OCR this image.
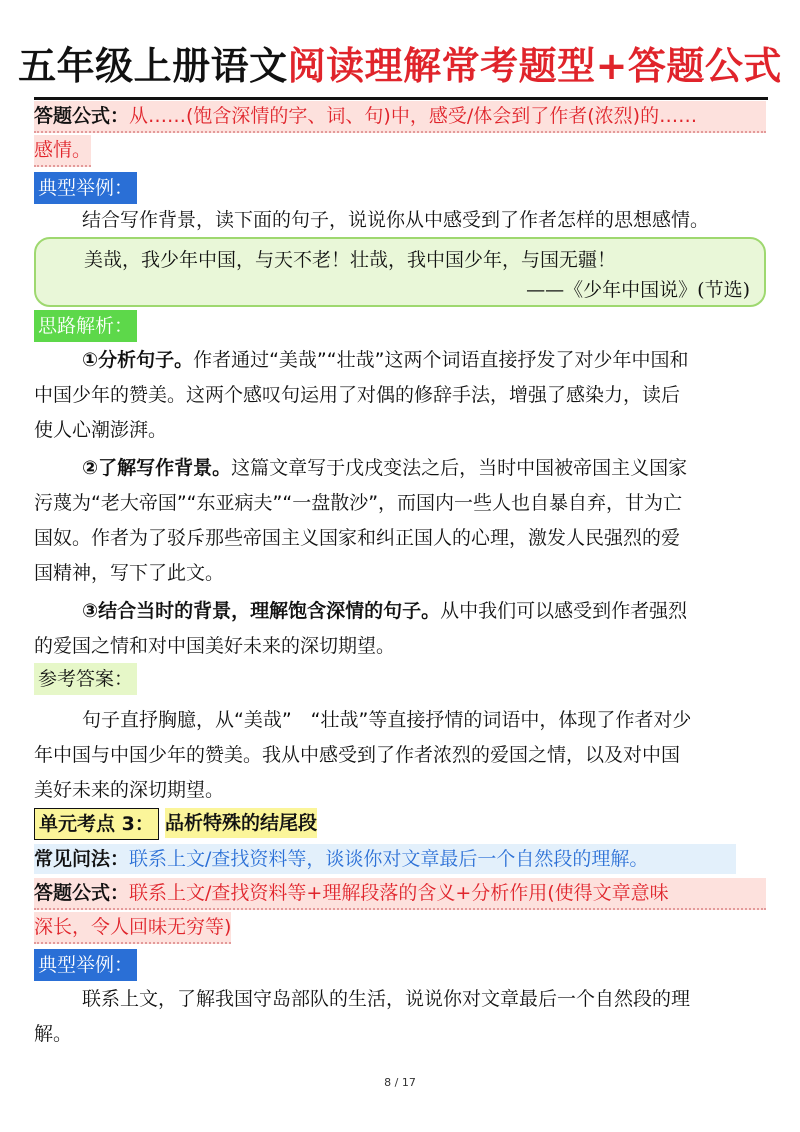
五年级上册语文阅读理解常考题型+答题公式
答题公式：从……(饱含深情的字、词、句)中，感受/体会到了作者(浓烈)的……
感情。
典型举例：
结合写作背景，读下面的句子，说说你从中感受到了作者怎样的思想感情。
美哉，我少年中国，与天不老！壮哉，我中国少年，与国无疆！
——《少年中国说》(节选)
思路解析：
①分析句子。作者通过“美哉”“壮哉”这两个词语直接抒发了对少年中国和
中国少年的赞美。这两个感叹句运用了对偶的修辞手法，增强了感染力，读后
使人心潮澎湃。
②了解写作背景。这篇文章写于戊戌变法之后，当时中国被帝国主义国家
污蔑为“老大帝国”“东亚病夫”“一盘散沙”，而国内一些人也自暴自弃，甘为亡
国奴。作者为了驳斥那些帝国主义国家和纠正国人的心理，激发人民强烈的爱
国精神，写下了此文。
③结合当时的背景，理解饱含深情的句子。从中我们可以感受到作者强烈
的爱国之情和对中国美好未来的深切期望。
参考答案：
句子直抒胸臆，从“美哉”　“壮哉”等直接抒情的词语中，体现了作者对少
年中国与中国少年的赞美。我从中感受到了作者浓烈的爱国之情，以及对中国
美好未来的深切期望。
单元考点 3： 品析特殊的结尾段
常见问法：联系上文/查找资料等，谈谈你对文章最后一个自然段的理解。
答题公式：联系上文/查找资料等+理解段落的含义+分析作用(使得文章意味
深长，令人回味无穷等)
典型举例：
联系上文，了解我国守岛部队的生活，说说你对文章最后一个自然段的理
解。
8 / 17
